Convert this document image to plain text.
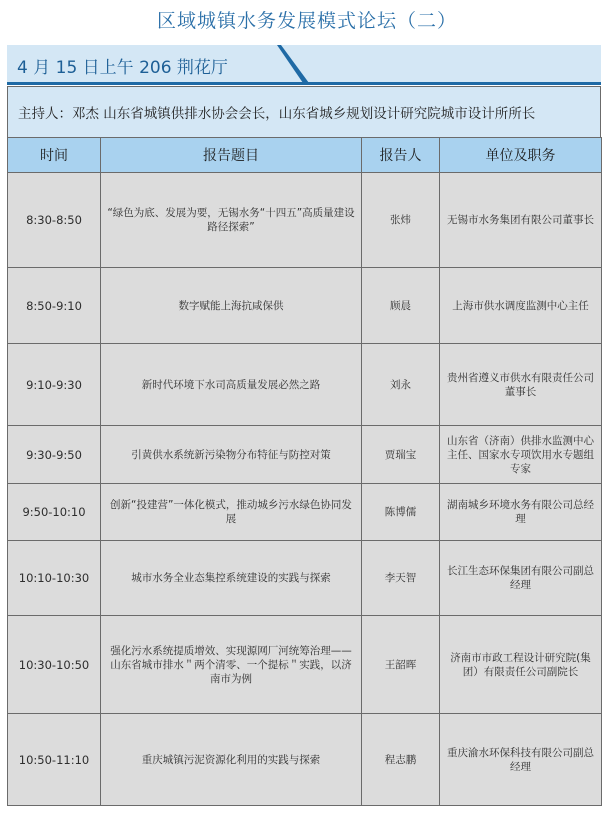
区域城镇水务发展模式论坛（二）
4 月 15 日上午 206 荆花厅
主持人：邓杰 山东省城镇供排水协会会长，山东省城乡规划设计研究院城市设计所所长
时间	报告题目	报告人	单位及职务
8:30-8:50	“绿色为底、发展为要，无锡水务“十四五”高质量建设路径探索”	张炜	无锡市水务集团有限公司董事长
8:50-9:10	数字赋能上海抗咸保供	顾晨	上海市供水调度监测中心主任
9:10-9:30	新时代环境下水司高质量发展必然之路	刘永	贵州省遵义市供水有限责任公司董事长
9:30-9:50	引黄供水系统新污染物分布特征与防控对策	贾瑞宝	山东省（济南）供排水监测中心主任、国家水专项饮用水专题组专家
9:50-10:10	创新“投建营”一体化模式，推动城乡污水绿色协同发展	陈博儒	湖南城乡环境水务有限公司总经理
10:10-10:30	城市水务全业态集控系统建设的实践与探索	李天智	长江生态环保集团有限公司副总经理
10:30-10:50	强化污水系统提质增效、实现源网厂河统筹治理——山东省城市排水＂两个清零、一个提标＂实践，以济南市为例	王韶晖	济南市市政工程设计研究院(集团）有限责任公司副院长
10:50-11:10	重庆城镇污泥资源化利用的实践与探索	程志鹏	重庆渝水环保科技有限公司副总经理
